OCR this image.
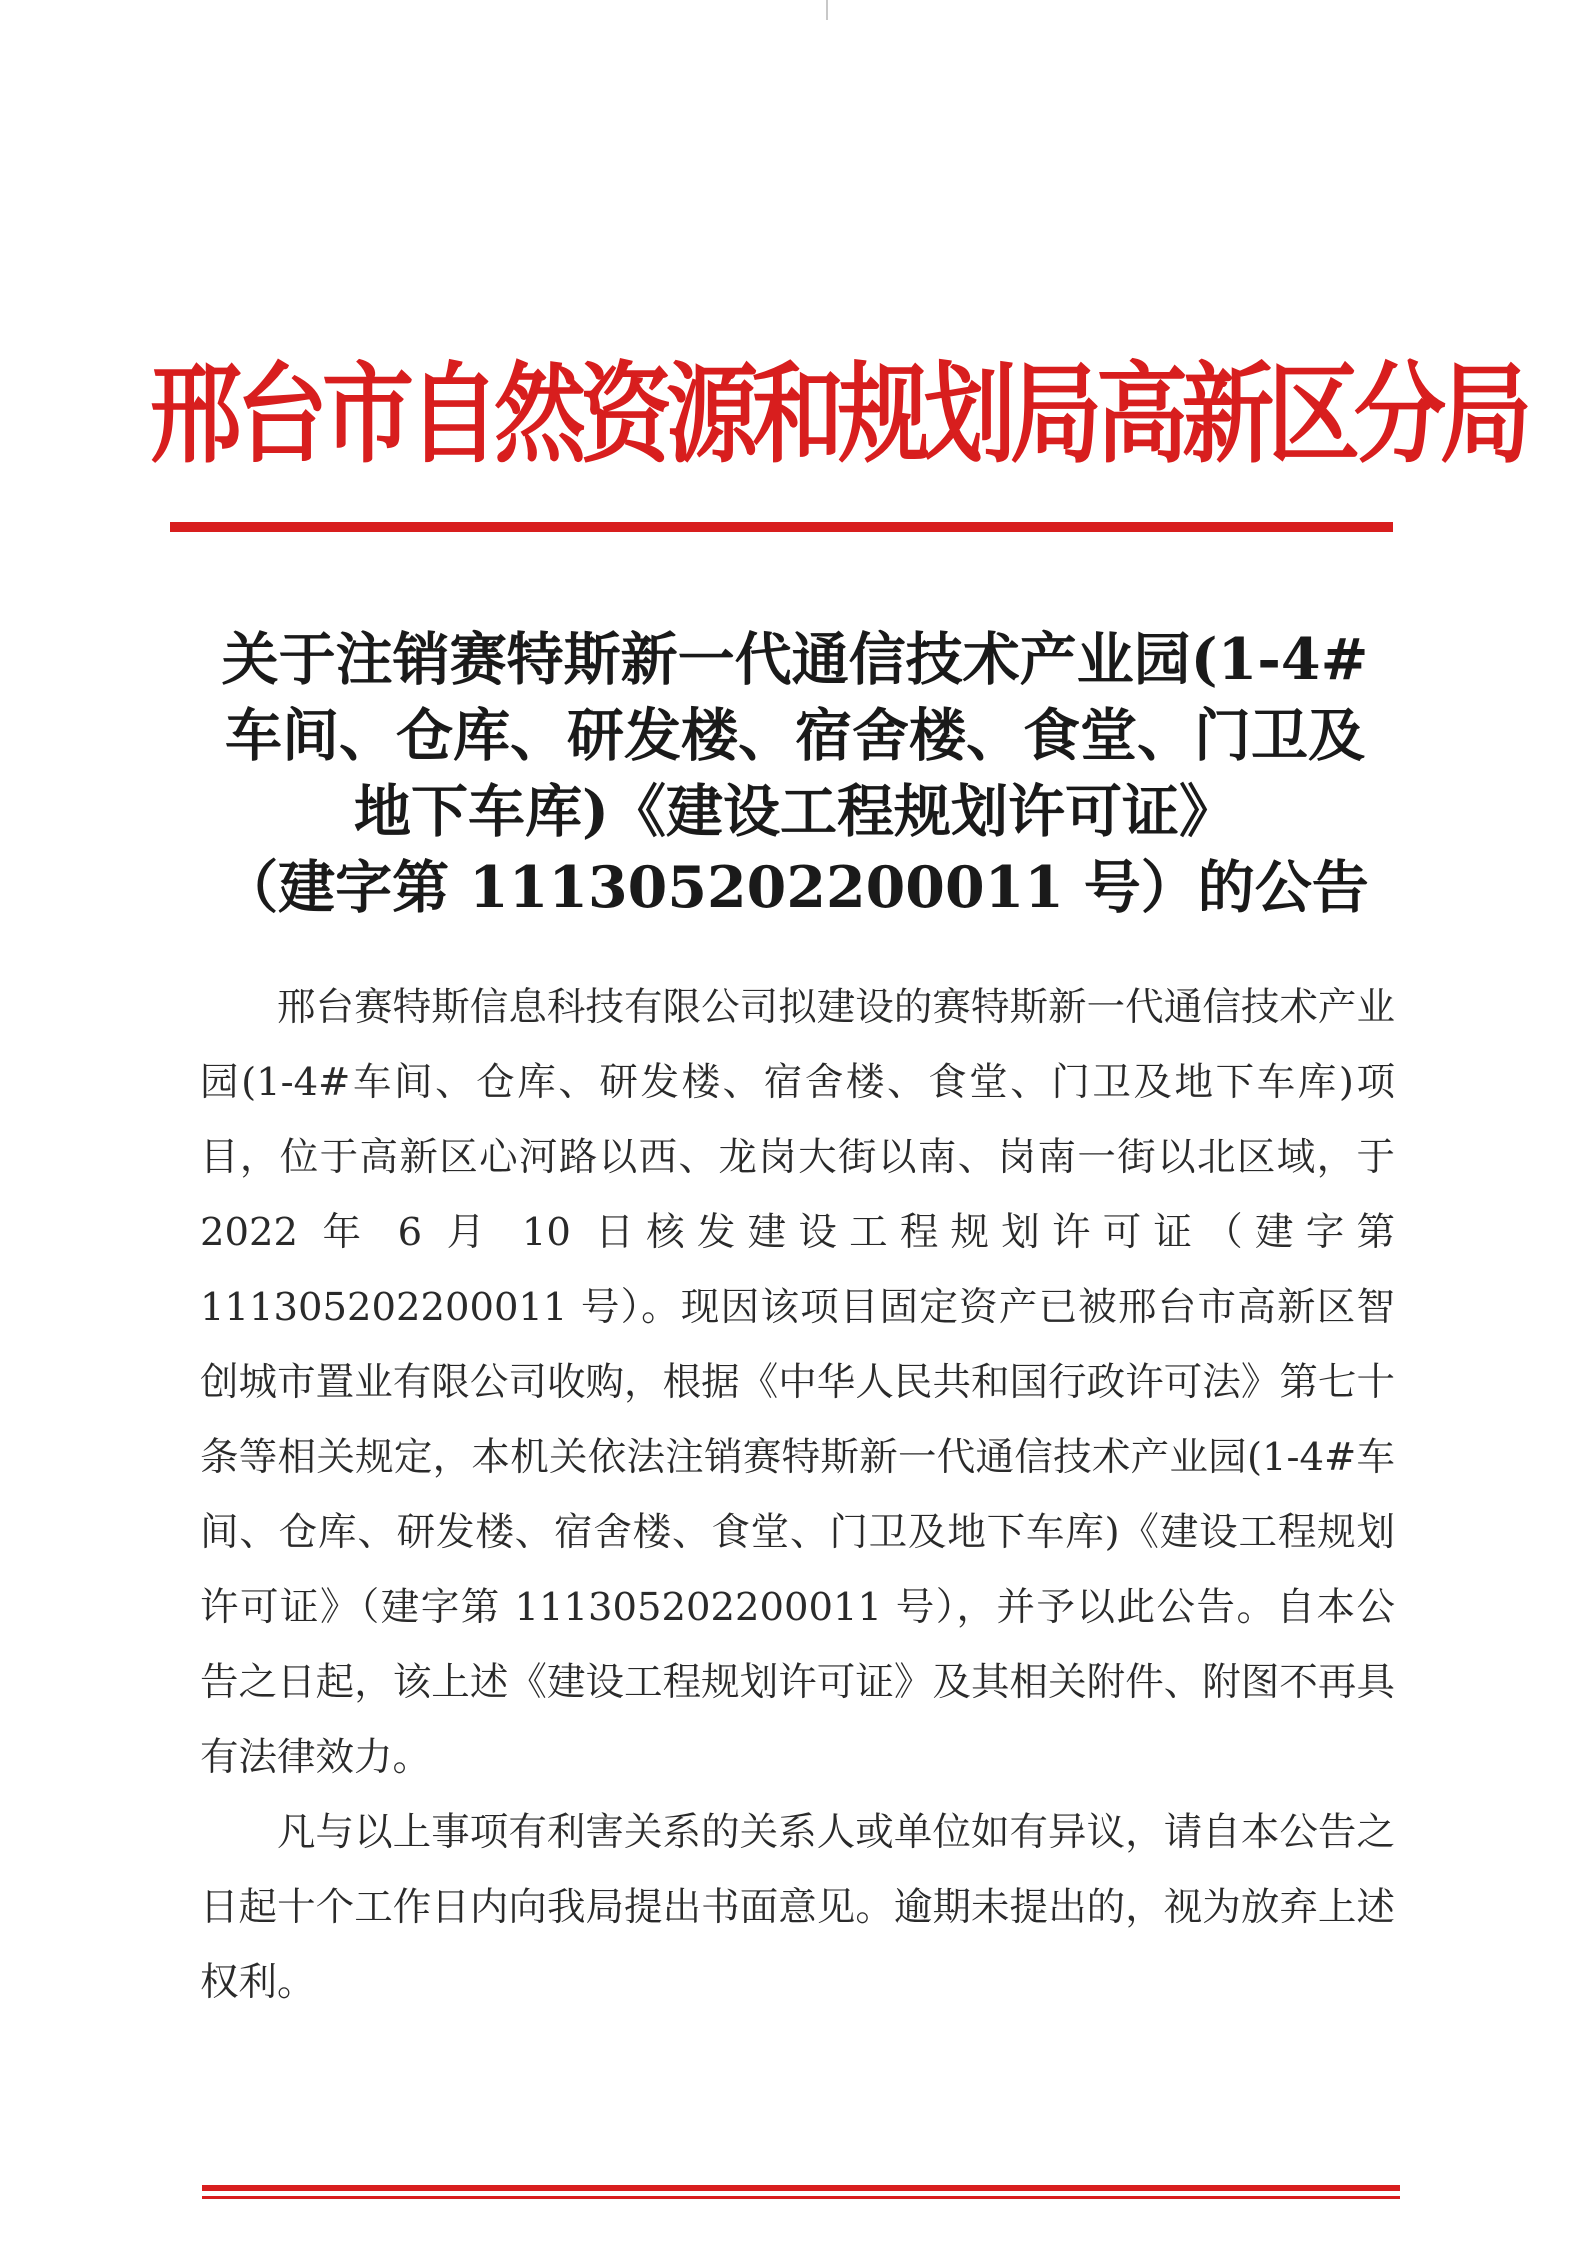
邢台市自然资源和规划局高新区分局
关于注销赛特斯新一代通信技术产业园(1-4#
车间、仓库、研发楼、宿舍楼、食堂、门卫及
地下车库)《建设工程规划许可证》
（建字第 111305202200011 号）的公告

邢台赛特斯信息科技有限公司拟建设的赛特斯新一代通信技术产业园(1-4#车间、仓库、研发楼、宿舍楼、食堂、门卫及地下车库)项目，位于高新区心河路以西、龙岗大街以南、岗南一街以北区域，于 2022 年 6 月 10 日核发建设工程规划许可证（建字第 111305202200011 号）。现因该项目固定资产已被邢台市高新区智创城市置业有限公司收购，根据《中华人民共和国行政许可法》第七十条等相关规定，本机关依法注销赛特斯新一代通信技术产业园(1-4#车间、仓库、研发楼、宿舍楼、食堂、门卫及地下车库)《建设工程规划许可证》（建字第 111305202200011 号），并予以此公告。自本公告之日起，该上述《建设工程规划许可证》及其相关附件、附图不再具有法律效力。

凡与以上事项有利害关系的关系人或单位如有异议，请自本公告之日起十个工作日内向我局提出书面意见。逾期未提出的，视为放弃上述权利。
